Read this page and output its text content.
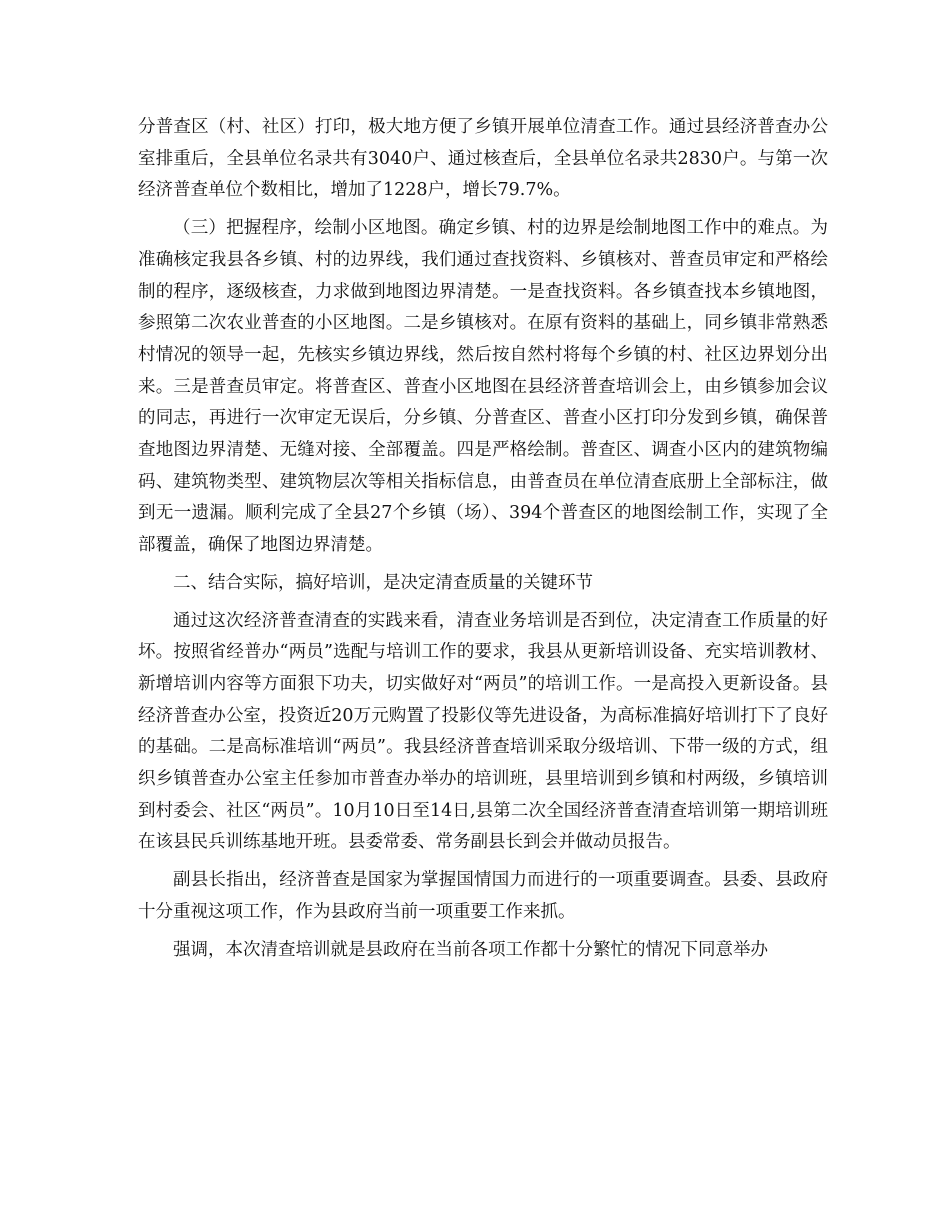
分普查区（村、社区）打印，极大地方便了乡镇开展单位清查工作。通过县经济普查办公室排重后，全县单位名录共有3040户、通过核查后，全县单位名录共2830户。与第一次经济普查单位个数相比，增加了1228户，增长79.7%。

（三）把握程序，绘制小区地图。确定乡镇、村的边界是绘制地图工作中的难点。为准确核定我县各乡镇、村的边界线，我们通过查找资料、乡镇核对、普查员审定和严格绘制的程序，逐级核查，力求做到地图边界清楚。一是查找资料。各乡镇查找本乡镇地图，参照第二次农业普查的小区地图。二是乡镇核对。在原有资料的基础上，同乡镇非常熟悉村情况的领导一起，先核实乡镇边界线，然后按自然村将每个乡镇的村、社区边界划分出来。三是普查员审定。将普查区、普查小区地图在县经济普查培训会上，由乡镇参加会议的同志，再进行一次审定无误后，分乡镇、分普查区、普查小区打印分发到乡镇，确保普查地图边界清楚、无缝对接、全部覆盖。四是严格绘制。普查区、调查小区内的建筑物编码、建筑物类型、建筑物层次等相关指标信息，由普查员在单位清查底册上全部标注，做到无一遗漏。顺利完成了全县27个乡镇（场）、394个普查区的地图绘制工作，实现了全部覆盖，确保了地图边界清楚。

二、结合实际，搞好培训，是决定清查质量的关键环节

通过这次经济普查清查的实践来看，清查业务培训是否到位，决定清查工作质量的好坏。按照省经普办“两员”选配与培训工作的要求，我县从更新培训设备、充实培训教材、新增培训内容等方面狠下功夫，切实做好对“两员”的培训工作。一是高投入更新设备。县经济普查办公室，投资近20万元购置了投影仪等先进设备，为高标准搞好培训打下了良好的基础。二是高标准培训“两员”。我县经济普查培训采取分级培训、下带一级的方式，组织乡镇普查办公室主任参加市普查办举办的培训班，县里培训到乡镇和村两级，乡镇培训到村委会、社区“两员”。10月10日至14日,县第二次全国经济普查清查培训第一期培训班在该县民兵训练基地开班。县委常委、常务副县长到会并做动员报告。

副县长指出，经济普查是国家为掌握国情国力而进行的一项重要调查。县委、县政府十分重视这项工作，作为县政府当前一项重要工作来抓。

强调，本次清查培训就是县政府在当前各项工作都十分繁忙的情况下同意举办
